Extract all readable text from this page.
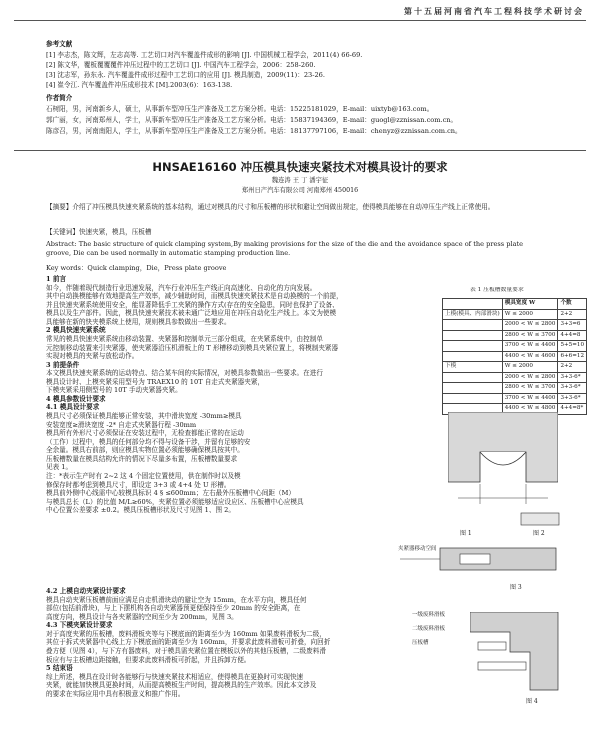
第十五届河南省汽车工程科技学术研讨会
参考文献
[1] 李志杰，陈文辉，左志高等. 工艺切口对汽车覆盖件成形的影响 [J]. 中国机械工程学会，2011(4) 66-69.
[2] 陈文华，覆板覆覆覆件冲压过程中的工艺切口 [J]. 中国汽车工程学会，2006：258-260.
[3] 沈志军，孙东永. 汽车覆盖件成形过程中工艺切口的应用 [J]. 模具制造，2009(11)：23-26.
[4] 崔令江. 汽车覆盖件冲压成形技术 [M].2003(6)：163-138.
作者简介
石树阳，男，河南新乡人，硕士，从事新车型冲压生产准备及工艺方案分析。电话：15225181029，E-mail：uixtyb@163.com。
郭广丽，女，河南郑州人，学士，从事新车型冲压生产准备及工艺方案分析。电话：15837194369，E-mail：guogl@zznissan.com.cn。
陈彦召，男，河南南阳人，学士，从事新车型冲压生产准备及工艺方案分析。电话：18137797106，E-mail：chenyz@zznissan.com.cn。
HNSAE16160 冲压模具快速夹紧技术对模具设计的要求
魏连涛 王 丁 潘宇征
郑州日产汽车有限公司 河南郑州 450016
【摘要】介绍了冲压模具快速夹紧系统的基本结构，通过对模具的尺寸和压板槽的形状和避让空间做出规定，使得模具能够在自动冲压生产线上正常使用。
【关键词】快速夹紧，模具，压板槽
Abstract: The basic structure of quick clamping system,By making provisions for the size of the die and the avoidance space of the press plate groove, Die can be used normally in automatic stamping production line.
Key words：Quick clamping，Die，Press plate groove
1 前言
如今，伴随着现代制造行业迅速发展，汽车行业冲压生产线正向高速化、自动化的方向发展。
其中自动换模能够有效地提高生产效率，减少辅助时间，而模具快速夹紧技术是自动换模的一个前提，
并且快速夹紧系统使用安全，能显著降低手工夹紧的操作方式(存在的安全隐患，同时也保护了设备、
模具以及生产部件。因此，模具快速夹紧技术被未通广泛地应用在冲压自动化生产线上。本文为使模
具能够在新的快夹模系统上使用，规则模具参数做出一些要求。
2 模具快速夹紧系统
常见的模具快速夹紧系统由移动装置、夹紧器和控制单元三部分组成，在夹紧系统中，由控制单
元控制移动装置来引夹紧器，使夹紧器沿压机滑板上的 T 形槽移动到模具夹紧位置上，将模制夹紧器
实现对模具的夹紧与放松动作。
3 前提条件
本文模具快速夹紧系统的运动特点、结合某车间的实际情况，对模具参数做出一些要求。在进行
模具设计时、上模夹紧采用型号为 TRAEX10 的 10T 自走式夹紧器夹紧，
下模夹紧采用侧型号的 10T 手动夹紧器夹紧。
4 模具参数设计要求
4.1 模具设计要求
模具尺寸必须保证模具能够正常安装，其中滑块宽度 -30mm≥模具
安装宽度≥滑块宽度 -2* 自走式夹紧器行程 -30mm
模具所有外形尺寸必须保证在安装过程中，无检查都能正常的在运动
（工作）过程中，模具的任何部分均不得与设备干涉，并留有足够的安
全余量。模具右前部，则应模具实物位置必须能够确保模具按其中。
压板槽数量在模具结构允许的情况下尽量多布置，压板槽数量要求
见表 1。
注：*表示生产时有 2~2 这 4 个固定位置使用，供在制作时以及模
修保存时都考虑到模具尺寸，即设定 3+3 或 4+4 处 U 形槽。
模具前外侧中心线需中心较模具标识 4 § ≤600mm；左右最外压板槽中心间距（M）
与模具总长（L）的比值 M/L≥60%，夹紧位置必须能够适应设应区、压板槽中心应模具
中心位置公差要求 ±0.2。模具压板槽形状及尺寸见图 1、图 2。
表 1 压板槽数量要求
	模具宽度 W	个数
上模(模具、内部滑块)	W ≤ 2000	2+2
	2000 < W ≤ 2800	3+3=6
	2800 < W ≤ 3700	4+4=8
	3700 < W ≤ 4400	5+5=10
	4400 < W ≤ 4600	6+6=12
下模	W ≤ 2000	2+2
	2000 < W ≤ 2800	3+3-6*
	2800 < W ≤ 3700	3+3-6*
	3700 < W ≤ 4400	3+3-6*
	4400 < W ≤ 4800	4+4=8*
图 1	图 2
夹紧器移动空间
图 3
一级废料滑板
二级废料滑板
压板槽
图 4
4.2 上模自动夹紧设计要求
模具自动夹紧压板槽前面应满足自走机滑块动的避让空为 15mm，在水平方向，模具任何
部位(包括前滑块)，与上下摆机构各自动夹紧器预更便保持至少 20mm 的安全距离，在
高度方向，模具设计与各夹紧器的空间至少为 200mm，见图 3。
4.3 下模夹紧设计要求
对于高度夹紧的压板槽，废料滑板夹等与下模底面的距离至少为 160mm 如果废料滑板为二级，
其位于拆式夹紧器中心线上方下模底面的距离至少为 160mm，并要求此废料滑板可折叠，向回折
叠方便（见图 4），与下方有器废料，对于模具需夹紧位置在模板以外的其他压板槽，二级废料滑
板应有与主板槽边距接触，但要求此废料滑板可折起，并且拆卸方便。
5 结束语
综上所述，模具在设计时各能够行与快速夹紧技术相适应，使得模具在更换时可实现快速
夹紧，就能加快模具更换时间，从而提高模板生产时间，提高模具的生产效率。因此本文涉及
的要求在实际应用中具有积极意义和推广作用。
